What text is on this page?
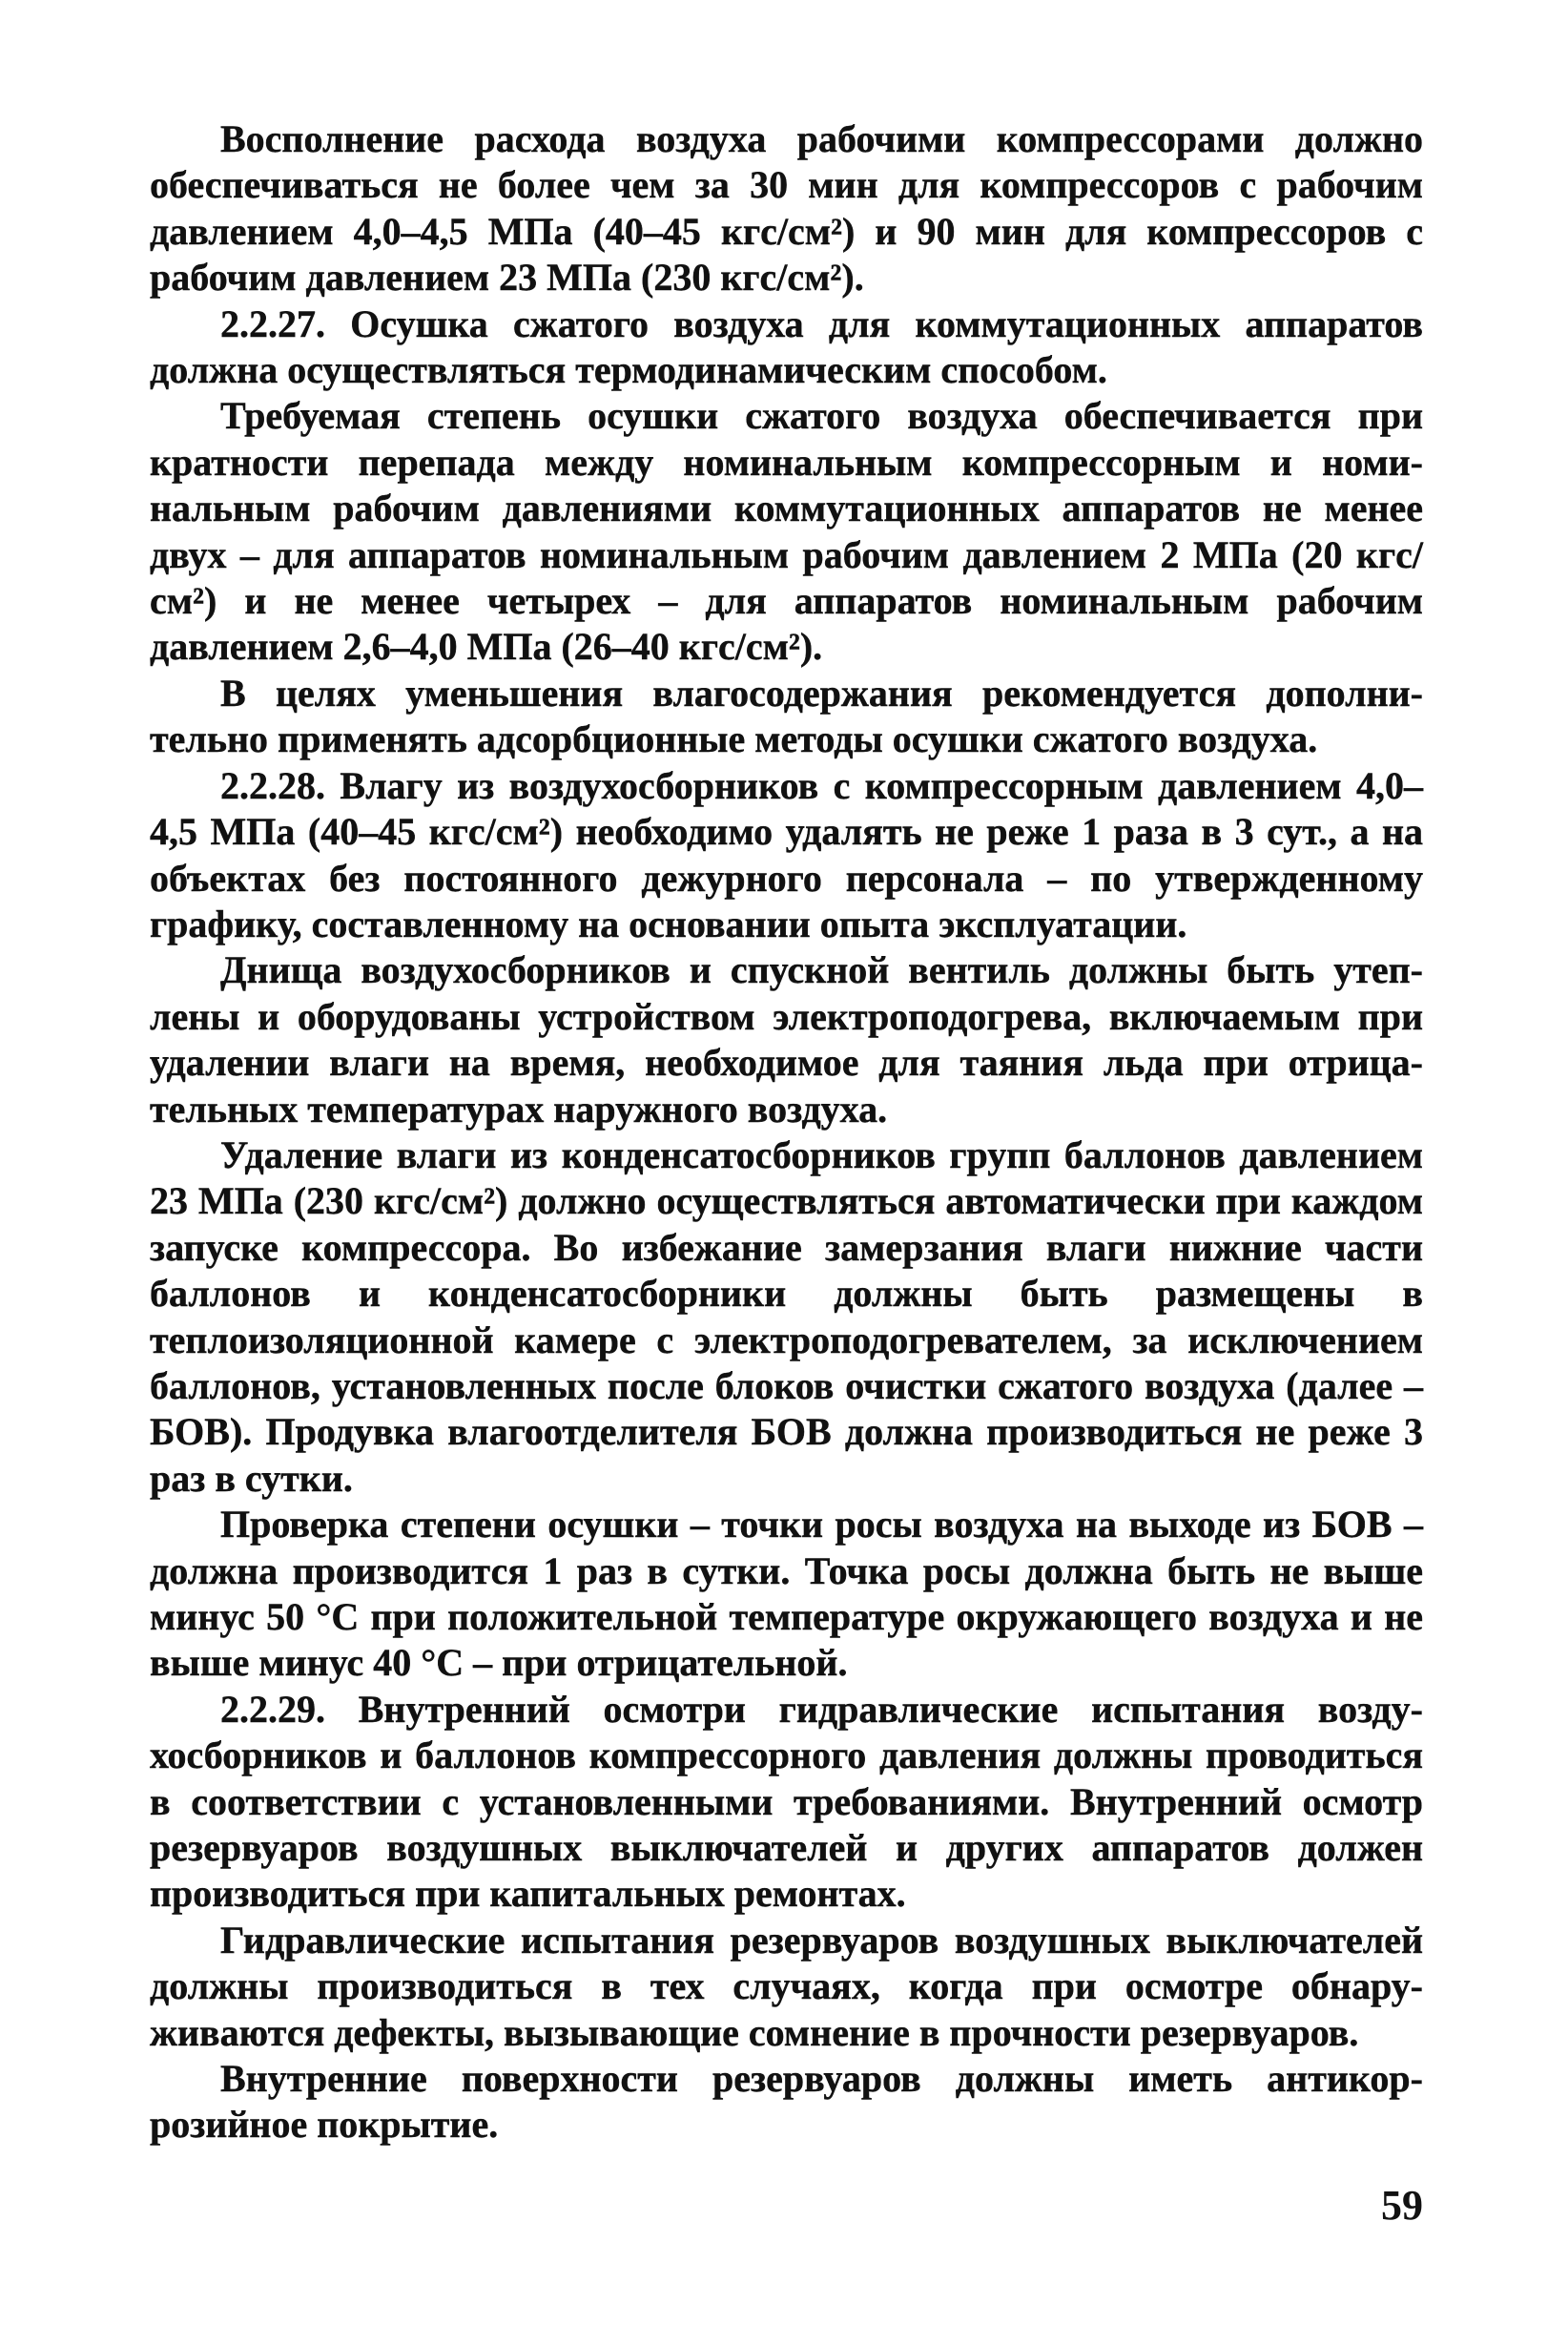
Восполнение расхода воздуха рабочими компрессорами должно обеспечиваться не более чем за 30 мин для компрессоров с рабочим давлением 4,0–4,5 МПа (40–45 кгс/см²) и 90 мин для компрессоров с рабочим давлением 23 МПа (230 кгс/см²).

2.2.27. Осушка сжатого воздуха для коммутационных аппаратов должна осуществляться термодинамическим способом.

Требуемая степень осушки сжатого воздуха обеспечивается при кратности перепада между номинальным компрессорным и номинальным рабочим давлениями коммутационных аппаратов не менее двух – для аппаратов номинальным рабочим давлением 2 МПа (20 кгс/см²) и не менее четырех – для аппаратов номинальным рабочим давлением 2,6–4,0 МПа (26–40 кгс/см²).

В целях уменьшения влагосодержания рекомендуется дополнительно применять адсорбционные методы осушки сжатого воздуха.

2.2.28. Влагу из воздухосборников с компрессорным давлением 4,0–4,5 МПа (40–45 кгс/см²) необходимо удалять не реже 1 раза в 3 сут., а на объектах без постоянного дежурного персонала – по утвержденному графику, составленному на основании опыта эксплуатации.

Днища воздухосборников и спускной вентиль должны быть утеплены и оборудованы устройством электроподогрева, включаемым при удалении влаги на время, необходимое для таяния льда при отрицательных температурах наружного воздуха.

Удаление влаги из конденсатосборников групп баллонов давлением 23 МПа (230 кгс/см²) должно осуществляться автоматически при каждом запуске компрессора. Во избежание замерзания влаги нижние части баллонов и конденсатосборники должны быть размещены в теплоизоляционной камере с электроподогревателем, за исключением баллонов, установленных после блоков очистки сжатого воздуха (далее – БОВ). Продувка влагоотделителя БОВ должна производиться не реже 3 раз в сутки.

Проверка степени осушки – точки росы воздуха на выходе из БОВ – должна производится 1 раз в сутки. Точка росы должна быть не выше минус 50 °С при положительной температуре окружающего воздуха и не выше минус 40 °С – при отрицательной.

2.2.29. Внутренний осмотри гидравлические испытания воздухосборников и баллонов компрессорного давления должны проводиться в соответствии с установленными требованиями. Внутренний осмотр резервуаров воздушных выключателей и других аппаратов должен производиться при капитальных ремонтах.

Гидравлические испытания резервуаров воздушных выключателей должны производиться в тех случаях, когда при осмотре обнаруживаются дефекты, вызывающие сомнение в прочности резервуаров.

Внутренние поверхности резервуаров должны иметь антикоррозийное покрытие.

59
